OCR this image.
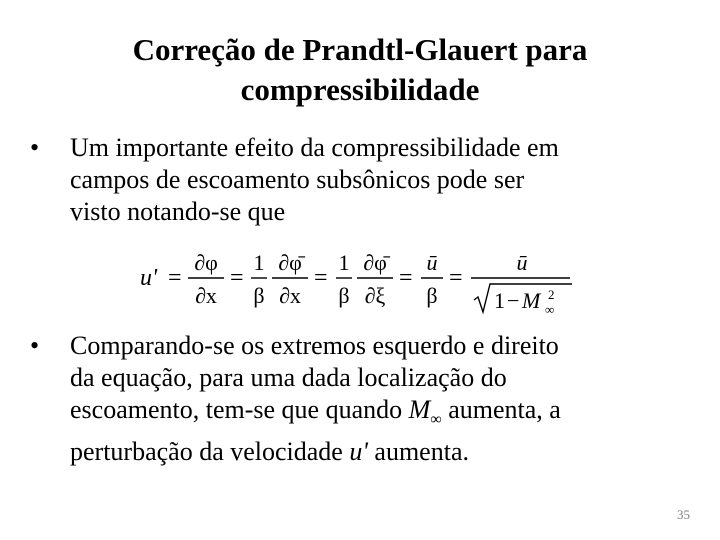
Correção de Prandtl-Glauert para
compressibilidade
• Um importante efeito da compressibilidade em
campos de escoamento subsônicos pode ser
visto notando-se que
u' =
∂φ
∂x
=
1
β
∂φ̄
∂x
=
1
β
∂φ̄
∂ξ
=
ū
β
=
ū
1 − M ∞
2
• Comparando-se os extremos esquerdo e direito
da equação, para uma dada localização do
escoamento, tem-se que quando $M_\infty$ aumenta, a
perturbação da velocidade u' aumenta.
35
